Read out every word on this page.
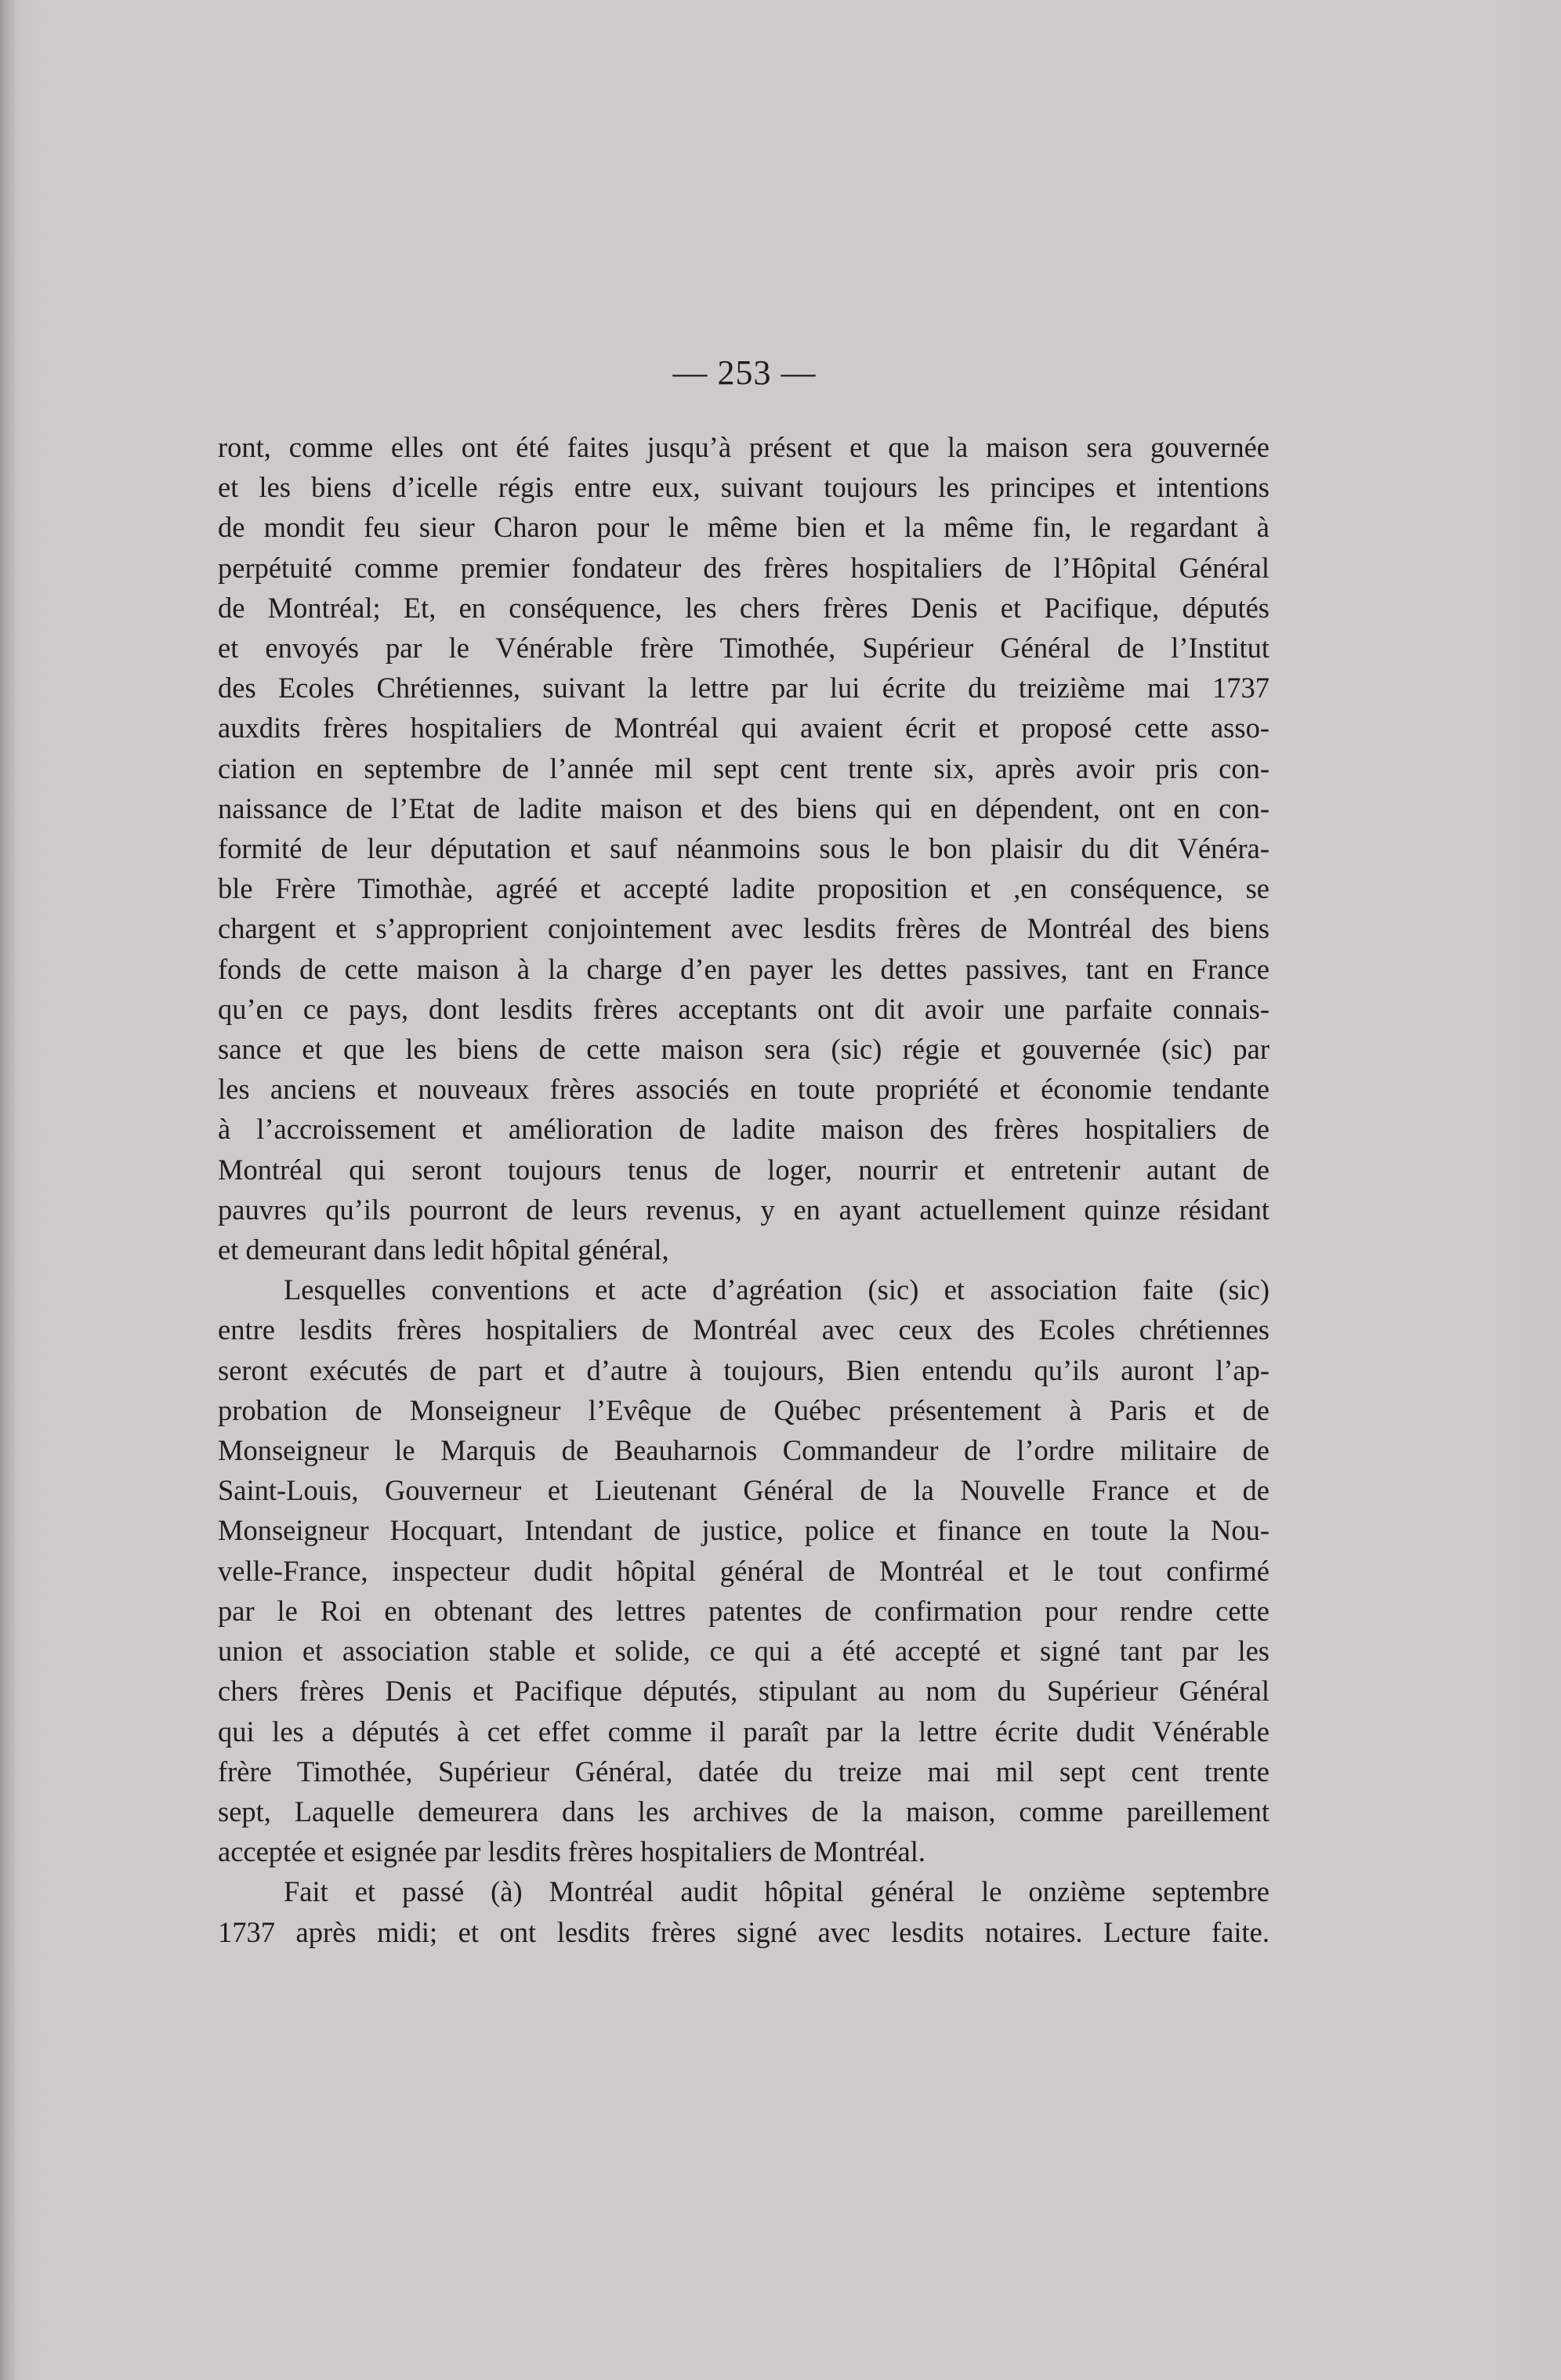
— 253 —

ront, comme elles ont été faites jusqu’à présent et que la maison sera gouvernée
et les biens d’icelle régis entre eux, suivant toujours les principes et intentions
de mondit feu sieur Charon pour le même bien et la même fin, le regardant à
perpétuité comme premier fondateur des frères hospitaliers de l’Hôpital Général
de Montréal; Et, en conséquence, les chers frères Denis et Pacifique, députés
et envoyés par le Vénérable frère Timothée, Supérieur Général de l’Institut
des Ecoles Chrétiennes, suivant la lettre par lui écrite du treizième mai 1737
auxdits frères hospitaliers de Montréal qui avaient écrit et proposé cette asso-
ciation en septembre de l’année mil sept cent trente six, après avoir pris con-
naissance de l’Etat de ladite maison et des biens qui en dépendent, ont en con-
formité de leur députation et sauf néanmoins sous le bon plaisir du dit Vénéra-
ble Frère Timothàe, agréé et accepté ladite proposition et ,en conséquence, se
chargent et s’approprient conjointement avec lesdits frères de Montréal des biens
fonds de cette maison à la charge d’en payer les dettes passives, tant en France
qu’en ce pays, dont lesdits frères acceptants ont dit avoir une parfaite connais-
sance et que les biens de cette maison sera (sic) régie et gouvernée (sic) par
les anciens et nouveaux frères associés en toute propriété et économie tendante
à l’accroissement et amélioration de ladite maison des frères hospitaliers de
Montréal qui seront toujours tenus de loger, nourrir et entretenir autant de
pauvres qu’ils pourront de leurs revenus, y en ayant actuellement quinze résidant
et demeurant dans ledit hôpital général,

Lesquelles conventions et acte d’agréation (sic) et association faite (sic)
entre lesdits frères hospitaliers de Montréal avec ceux des Ecoles chrétiennes
seront exécutés de part et d’autre à toujours, Bien entendu qu’ils auront l’ap-
probation de Monseigneur l’Evêque de Québec présentement à Paris et de
Monseigneur le Marquis de Beauharnois Commandeur de l’ordre militaire de
Saint-Louis, Gouverneur et Lieutenant Général de la Nouvelle France et de
Monseigneur Hocquart, Intendant de justice, police et finance en toute la Nou-
velle-France, inspecteur dudit hôpital général de Montréal et le tout confirmé
par le Roi en obtenant des lettres patentes de confirmation pour rendre cette
union et association stable et solide, ce qui a été accepté et signé tant par les
chers frères Denis et Pacifique députés, stipulant au nom du Supérieur Général
qui les a députés à cet effet comme il paraît par la lettre écrite dudit Vénérable
frère Timothée, Supérieur Général, datée du treize mai mil sept cent trente
sept, Laquelle demeurera dans les archives de la maison, comme pareillement
acceptée et esignée par lesdits frères hospitaliers de Montréal.

Fait et passé (à) Montréal audit hôpital général le onzième septembre
1737 après midi; et ont lesdits frères signé avec lesdits notaires. Lecture faite.
